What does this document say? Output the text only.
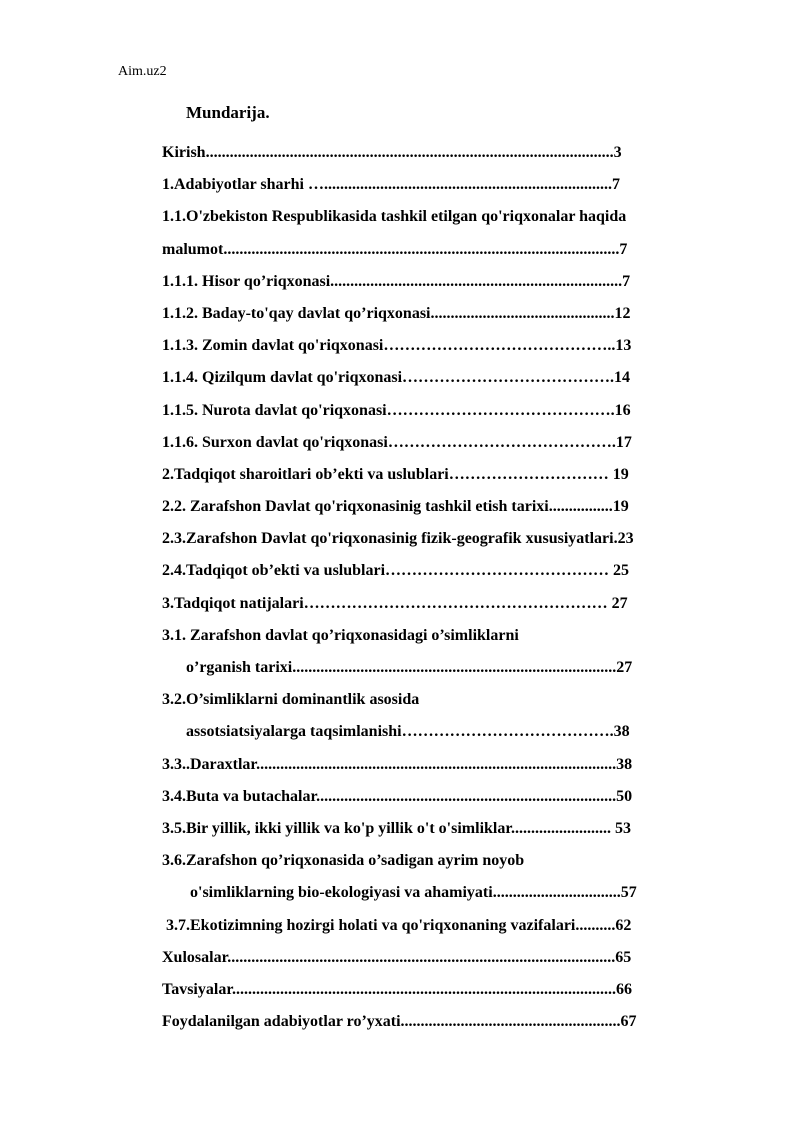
Aim.uz2
Mundarija.
Kirish......................................................................................................3
1.Adabiyotlar sharhi …........................................................................7
1.1.O'zbekiston Respublikasida tashkil etilgan qo'riqxonalar haqida
malumot...................................................................................................7
1.1.1. Hisor qo’riqxonasi.........................................................................7
1.1.2. Baday-to'qay davlat qo’riqxonasi..............................................12
1.1.3. Zomin davlat qo'riqxonasi……………………………………..13
1.1.4. Qizilqum davlat qo'riqxonasi………………………………….14
1.1.5. Nurota davlat qo'riqxonasi…………………………………….16
1.1.6. Surxon davlat qo'riqxonasi…………………………………….17
2.Tadqiqot sharoitlari ob’ekti va uslublari………………………… 19
2.2. Zarafshon Davlat qo'riqxonasinig tashkil etish tarixi................19
2.3.Zarafshon Davlat qo'riqxonasinig fizik-geografik xususiyatlari.23
2.4.Tadqiqot ob’ekti va uslublari…………………………………… 25
3.Tadqiqot natijalari………………………………………………… 27
3.1. Zarafshon davlat qo’riqxonasidagi o’simliklarni
o’rganish tarixi.................................................................................27
3.2.O’simliklarni dominantlik asosida
assotsiatsiyalarga taqsimlanishi………………………………….38
3.3..Daraxtlar..........................................................................................38
3.4.Buta va butachalar...........................................................................50
3.5.Bir yillik, ikki yillik va ko'p yillik o't o'simliklar......................... 53
3.6.Zarafshon qo’riqxonasida o’sadigan ayrim noyob
o'simliklarning bio-ekologiyasi va ahamiyati................................57
3.7.Ekotizimning hozirgi holati va qo'riqxonaning vazifalari..........62
Xulosalar.................................................................................................65
Tavsiyalar................................................................................................66
Foydalanilgan adabiyotlar ro’yxati.......................................................67
